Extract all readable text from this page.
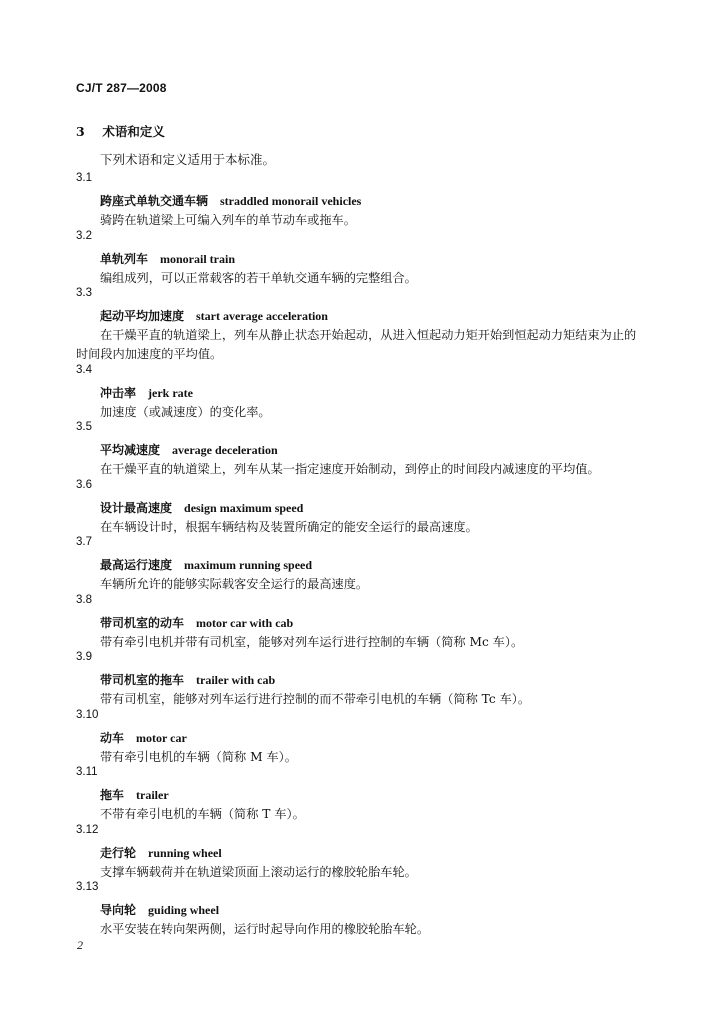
CJ/T 287—2008
3 术语和定义
下列术语和定义适用于本标准。
3.1
跨座式单轨交通车辆 straddled monorail vehicles
骑跨在轨道梁上可编入列车的单节动车或拖车。
3.2
单轨列车 monorail train
编组成列，可以正常载客的若干单轨交通车辆的完整组合。
3.3
起动平均加速度 start average acceleration
在干燥平直的轨道梁上，列车从静止状态开始起动，从进入恒起动力矩开始到恒起动力矩结束为止的时间段内加速度的平均值。
3.4
冲击率 jerk rate
加速度（或减速度）的变化率。
3.5
平均减速度 average deceleration
在干燥平直的轨道梁上，列车从某一指定速度开始制动，到停止的时间段内减速度的平均值。
3.6
设计最高速度 design maximum speed
在车辆设计时，根据车辆结构及装置所确定的能安全运行的最高速度。
3.7
最高运行速度 maximum running speed
车辆所允许的能够实际载客安全运行的最高速度。
3.8
带司机室的动车 motor car with cab
带有牵引电机并带有司机室，能够对列车运行进行控制的车辆（简称 Mc 车）。
3.9
带司机室的拖车 trailer with cab
带有司机室，能够对列车运行进行控制的而不带牵引电机的车辆（简称 Tc 车）。
3.10
动车 motor car
带有牵引电机的车辆（简称 M 车）。
3.11
拖车 trailer
不带有牵引电机的车辆（简称 T 车）。
3.12
走行轮 running wheel
支撑车辆载荷并在轨道梁顶面上滚动运行的橡胶轮胎车轮。
3.13
导向轮 guiding wheel
水平安装在转向架两侧，运行时起导向作用的橡胶轮胎车轮。
2
